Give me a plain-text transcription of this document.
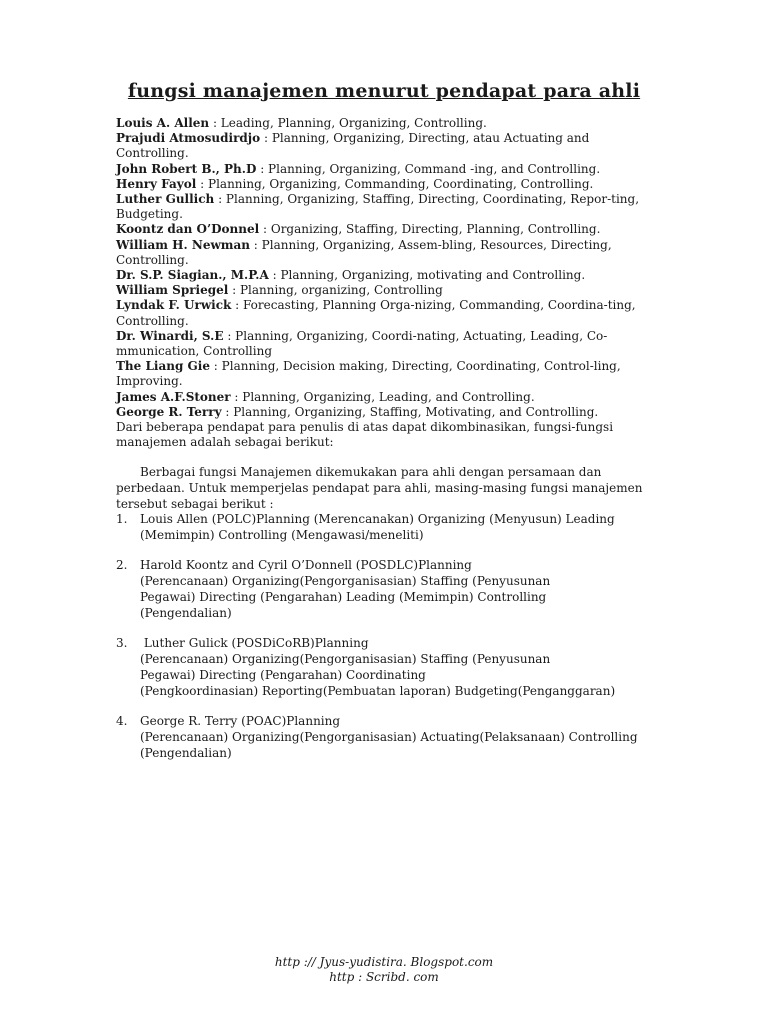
fungsi manajemen menurut pendapat para ahli

Louis A. Allen : Leading, Planning, Organizing, Controlling.

Prajudi Atmosudirdjo : Planning, Organizing, Directing, atau Actuating and Controlling.

John Robert B., Ph.D : Planning, Organizing, Command -ing, and Controlling.

Henry Fayol : Planning, Organizing, Commanding, Coordinating, Controlling.

Luther Gullich : Planning, Organizing, Staffing, Directing, Coordinating, Repor-ting, Budgeting.

Koontz dan O’Donnel : Organizing, Staffing, Directing, Planning, Controlling.

William H. Newman : Planning, Organizing, Assem-bling, Resources, Directing, Controlling.

Dr. S.P. Siagian., M.P.A : Planning, Organizing, motivating and Controlling.

William Spriegel : Planning, organizing, Controlling

Lyndak F. Urwick : Forecasting, Planning Orga-nizing, Commanding, Coordina-ting, Controlling.

Dr. Winardi, S.E : Planning, Organizing, Coordi-nating, Actuating, Leading, Co-mmunication, Controlling

The Liang Gie : Planning, Decision making, Directing, Coordinating, Control-ling, Improving.

James A.F.Stoner : Planning, Organizing, Leading, and Controlling.

George R. Terry : Planning, Organizing, Staffing, Motivating, and Controlling.

Dari beberapa pendapat para penulis di atas dapat dikombinasikan, fungsi-fungsi manajemen adalah sebagai berikut:

Berbagai fungsi Manajemen dikemukakan para ahli dengan persamaan dan perbedaan. Untuk memperjelas pendapat para ahli, masing-masing fungsi manajemen tersebut sebagai berikut :

1. Louis Allen (POLC)Planning (Merencanakan) Organizing (Menyusun) Leading
(Memimpin) Controlling (Mengawasi/meneliti)
2. Harold Koontz and Cyril O’Donnell (POSDLC)Planning
(Perencanaan) Organizing(Pengorganisasian) Staffing (Penyusunan
Pegawai) Directing (Pengarahan) Leading (Memimpin) Controlling
(Pengendalian)
3. Luther Gulick (POSDiCoRB)Planning
(Perencanaan) Organizing(Pengorganisasian) Staffing (Penyusunan
Pegawai) Directing (Pengarahan) Coordinating
(Pengkoordinasian) Reporting(Pembuatan laporan) Budgeting(Penganggaran)
4. George R. Terry (POAC)Planning
(Perencanaan) Organizing(Pengorganisasian) Actuating(Pelaksanaan) Controlling
(Pengendalian)
http :// Jyus-yudistira. Blogspot.com
http : Scribd. com
